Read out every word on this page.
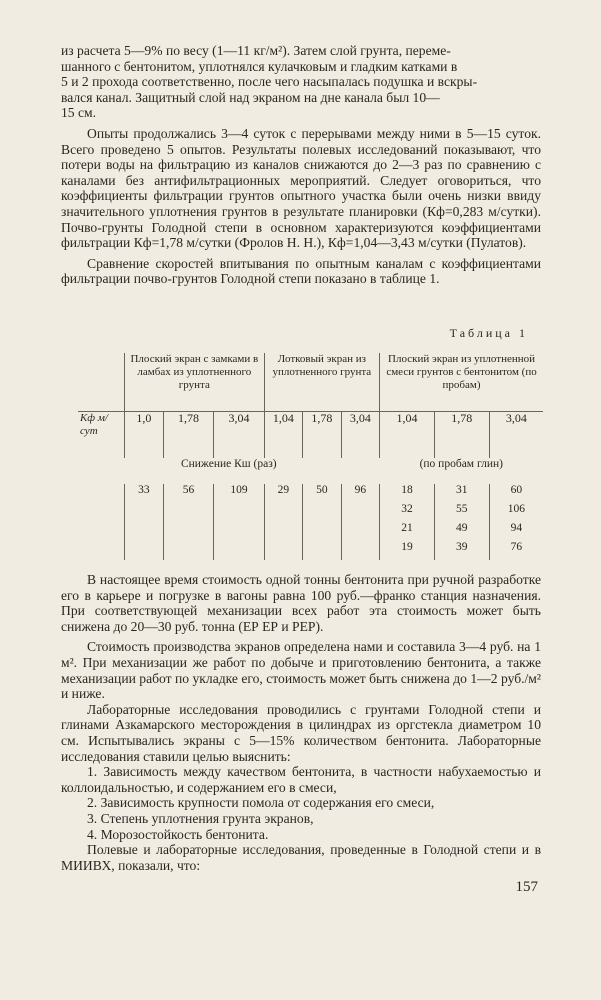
из расчета 5—9% по весу (1—11 кг/м²). Затем слой грунта, переме-

шанного с бентонитом, уплотнялся кулачковым и гладким катками в

5 и 2 прохода соответственно, после чего насыпалась подушка и вскры-

вался канал. Защитный слой над экраном на дне канала был 10—

15 см.

Опыты продолжались 3—4 суток с перерывами между ними в 5—15 суток. Всего проведено 5 опытов. Результаты полевых исследований показывают, что потери воды на фильтрацию из каналов снижаются до 2—3 раз по сравнению с каналами без антифильтрационных мероприятий. Следует оговориться, что коэффициенты фильтрации грунтов опытного участка были очень низки ввиду значительного уплотнения грунтов в результате планировки (Кф=0,283 м/сутки). Почво-грунты Голодной степи в основном характеризуются коэффициентами фильтрации Кф=1,78 м/сутки (Фролов Н. Н.), Кф=1,04—3,43 м/сутки (Пулатов).

Сравнение скоростей впитывания по опытным каналам с коэффициентами фильтрации почво-грунтов Голодной степи показано в таблице 1.

Таблица 1
	Плоский экран с замками в ламбах из уплотненного грунта			Лотковый экран из уплотненного грунта			Плоский экран из уплотненной смеси грунтов с бентонитом (по пробам)		
Кф м/сут	1,0	1,78	3,04	1,04	1,78	3,04	1,04	1,78	3,04
Снижение Кш (раз)							(по пробам глин)		
	33	56	109	29	50	96	18	31	60
							32	55	106
							21	49	94
							19	39	76

В настоящее время стоимость одной тонны бентонита при ручной разработке его в карьере и погрузке в вагоны равна 100 руб.—франко станция назначения. При соответствующей механизации всех работ эта стоимость может быть снижена до 20—30 руб. тонна (ЕР ЕР и РЕР).

Стоимость производства экранов определена нами и составила 3—4 руб. на 1 м². При механизации же работ по добыче и приготовлению бентонита, а также механизации работ по укладке его, стоимость может быть снижена до 1—2 руб./м² и ниже.

Лабораторные исследования проводились с грунтами Голодной степи и глинами Азкамарского месторождения в цилиндрах из оргстекла диаметром 10 см. Испытывались экраны с 5—15% количеством бентонита. Лабораторные исследования ставили целью выяснить:

1. Зависимость между качеством бентонита, в частности набухаемостью и коллоидальностью, и содержанием его в смеси,

2. Зависимость крупности помола от содержания его смеси,

3. Степень уплотнения грунта экранов,

4. Морозостойкость бентонита.

Полевые и лабораторные исследования, проведенные в Голодной степи и в МИИВХ, показали, что:

157
